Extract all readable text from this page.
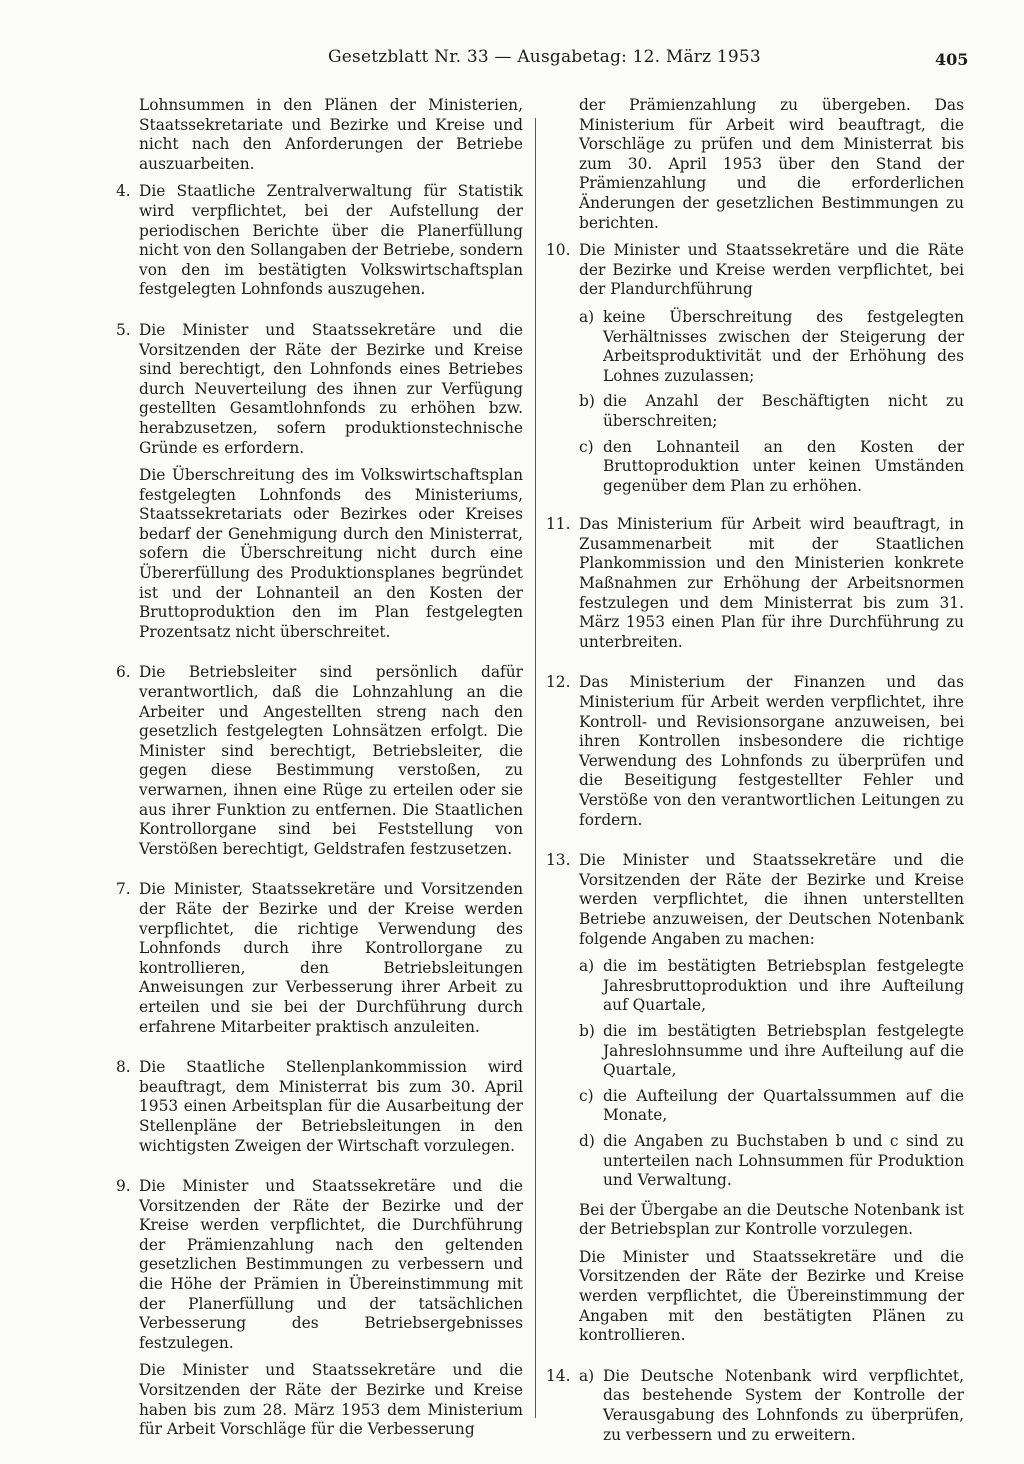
Gesetzblatt Nr. 33 — Ausgabetag: 12. März 1953	405

Lohnsummen in den Plänen der Ministerien, Staatssekretariate und Bezirke und Kreise und nicht nach den Anforderungen der Betriebe auszuarbeiten.

4. Die Staatliche Zentralverwaltung für Statistik wird verpflichtet, bei der Aufstellung der periodischen Berichte über die Planerfüllung nicht von den Sollangaben der Betriebe, sondern von den im bestätigten Volkswirtschaftsplan festgelegten Lohnfonds auszugehen.

5. Die Minister und Staatssekretäre und die Vorsitzenden der Räte der Bezirke und Kreise sind berechtigt, den Lohnfonds eines Betriebes durch Neuverteilung des ihnen zur Verfügung gestellten Gesamtlohnfonds zu erhöhen bzw. herabzusetzen, sofern produktionstechnische Gründe es erfordern.

Die Überschreitung des im Volkswirtschaftsplan festgelegten Lohnfonds des Ministeriums, Staatssekretariats oder Bezirkes oder Kreises bedarf der Genehmigung durch den Ministerrat, sofern die Überschreitung nicht durch eine Übererfüllung des Produktionsplanes begründet ist und der Lohnanteil an den Kosten der Bruttoproduktion den im Plan festgelegten Prozentsatz nicht überschreitet.

6. Die Betriebsleiter sind persönlich dafür verantwortlich, daß die Lohnzahlung an die Arbeiter und Angestellten streng nach den gesetzlich festgelegten Lohnsätzen erfolgt. Die Minister sind berechtigt, Betriebsleiter, die gegen diese Bestimmung verstoßen, zu verwarnen, ihnen eine Rüge zu erteilen oder sie aus ihrer Funktion zu entfernen. Die Staatlichen Kontrollorgane sind bei Feststellung von Verstößen berechtigt, Geldstrafen festzusetzen.

7. Die Minister, Staatssekretäre und Vorsitzenden der Räte der Bezirke und der Kreise werden verpflichtet, die richtige Verwendung des Lohnfonds durch ihre Kontrollorgane zu kontrollieren, den Betriebsleitungen Anweisungen zur Verbesserung ihrer Arbeit zu erteilen und sie bei der Durchführung durch erfahrene Mitarbeiter praktisch anzuleiten.

8. Die Staatliche Stellenplankommission wird beauftragt, dem Ministerrat bis zum 30. April 1953 einen Arbeitsplan für die Ausarbeitung der Stellenpläne der Betriebsleitungen in den wichtigsten Zweigen der Wirtschaft vorzulegen.

9. Die Minister und Staatssekretäre und die Vorsitzenden der Räte der Bezirke und der Kreise werden verpflichtet, die Durchführung der Prämienzahlung nach den geltenden gesetzlichen Bestimmungen zu verbessern und die Höhe der Prämien in Übereinstimmung mit der Planerfüllung und der tatsächlichen Verbesserung des Betriebsergebnisses festzulegen.

Die Minister und Staatssekretäre und die Vorsitzenden der Räte der Bezirke und Kreise haben bis zum 28. März 1953 dem Ministerium für Arbeit Vorschläge für die Verbesserung

der Prämienzahlung zu übergeben. Das Ministerium für Arbeit wird beauftragt, die Vorschläge zu prüfen und dem Ministerrat bis zum 30. April 1953 über den Stand der Prämienzahlung und die erforderlichen Änderungen der gesetzlichen Bestimmungen zu berichten.

10. Die Minister und Staatssekretäre und die Räte der Bezirke und Kreise werden verpflichtet, bei der Plandurchführung

a) keine Überschreitung des festgelegten Verhältnisses zwischen der Steigerung der Arbeitsproduktivität und der Erhöhung des Lohnes zuzulassen;
b) die Anzahl der Beschäftigten nicht zu überschreiten;
c) den Lohnanteil an den Kosten der Bruttoproduktion unter keinen Umständen gegenüber dem Plan zu erhöhen.
11. Das Ministerium für Arbeit wird beauftragt, in Zusammenarbeit mit der Staatlichen Plankommission und den Ministerien konkrete Maßnahmen zur Erhöhung der Arbeitsnormen festzulegen und dem Ministerrat bis zum 31. März 1953 einen Plan für ihre Durchführung zu unterbreiten.

12. Das Ministerium der Finanzen und das Ministerium für Arbeit werden verpflichtet, ihre Kontroll- und Revisionsorgane anzuweisen, bei ihren Kontrollen insbesondere die richtige Verwendung des Lohnfonds zu überprüfen und die Beseitigung festgestellter Fehler und Verstöße von den verantwortlichen Leitungen zu fordern.

13. Die Minister und Staatssekretäre und die Vorsitzenden der Räte der Bezirke und Kreise werden verpflichtet, die ihnen unterstellten Betriebe anzuweisen, der Deutschen Notenbank folgende Angaben zu machen:

a) die im bestätigten Betriebsplan festgelegte Jahresbruttoproduktion und ihre Aufteilung auf Quartale,
b) die im bestätigten Betriebsplan festgelegte Jahreslohnsumme und ihre Aufteilung auf die Quartale,
c) die Aufteilung der Quartalssummen auf die Monate,
d) die Angaben zu Buchstaben b und c sind zu unterteilen nach Lohnsummen für Produktion und Verwaltung.

Bei der Übergabe an die Deutsche Notenbank ist der Betriebsplan zur Kontrolle vorzulegen.

Die Minister und Staatssekretäre und die Vorsitzenden der Räte der Bezirke und Kreise werden verpflichtet, die Übereinstimmung der Angaben mit den bestätigten Plänen zu kontrollieren.

14. a) Die Deutsche Notenbank wird verpflichtet, das bestehende System der Kontrolle der Verausgabung des Lohnfonds zu überprüfen, zu verbessern und zu erweitern.
